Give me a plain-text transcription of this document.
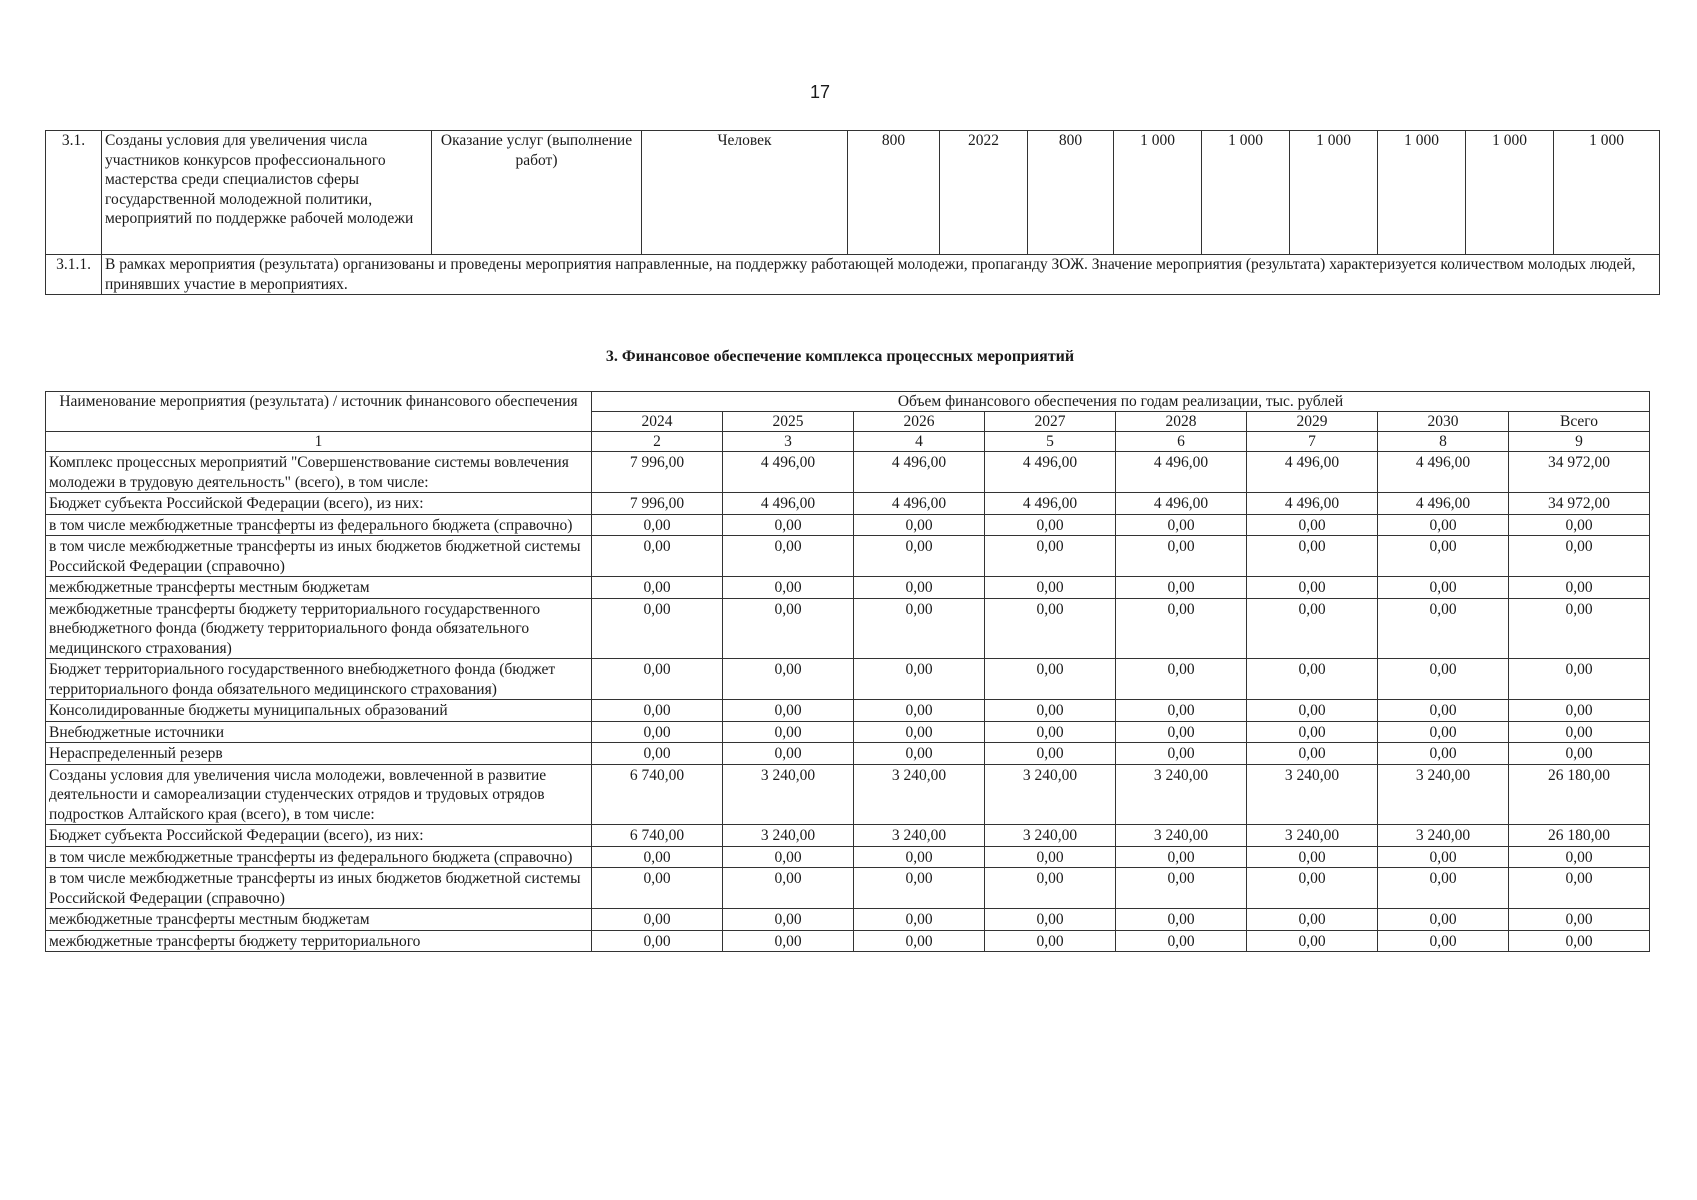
17
3.1.	Созданы условия для увеличения числа участников конкурсов профессионального мастерства среди специалистов сферы государственной молодежной политики, мероприятий по поддержке рабочей молодежи	Оказание услуг (выполнение работ)	Человек	800	2022	800	1 000	1 000	1 000	1 000	1 000	1 000
3.1.1.	В рамках мероприятия (результата) организованы и проведены мероприятия направленные, на поддержку работающей молодежи, пропаганду ЗОЖ. Значение мероприятия (результата) характеризуется количеством молодых людей, принявших участие в мероприятиях.											
3. Финансовое обеспечение комплекса процессных мероприятий
Наименование мероприятия (результата) / источник финансового обеспечения	Объем финансового обеспечения по годам реализации, тыс. рублей							
	2024	2025	2026	2027	2028	2029	2030	Всего
1	2	3	4	5	6	7	8	9
Комплекс процессных мероприятий "Совершенствование системы вовлечения молодежи в трудовую деятельность" (всего), в том числе:	7 996,00	4 496,00	4 496,00	4 496,00	4 496,00	4 496,00	4 496,00	34 972,00
Бюджет субъекта Российской Федерации (всего), из них:	7 996,00	4 496,00	4 496,00	4 496,00	4 496,00	4 496,00	4 496,00	34 972,00
в том числе межбюджетные трансферты из федерального бюджета (справочно)	0,00	0,00	0,00	0,00	0,00	0,00	0,00	0,00
в том числе межбюджетные трансферты из иных бюджетов бюджетной системы Российской Федерации (справочно)	0,00	0,00	0,00	0,00	0,00	0,00	0,00	0,00
межбюджетные трансферты местным бюджетам	0,00	0,00	0,00	0,00	0,00	0,00	0,00	0,00
межбюджетные трансферты бюджету территориального государственного внебюджетного фонда (бюджету территориального фонда обязательного медицинского страхования)	0,00	0,00	0,00	0,00	0,00	0,00	0,00	0,00
Бюджет территориального государственного внебюджетного фонда (бюджет территориального фонда обязательного медицинского страхования)	0,00	0,00	0,00	0,00	0,00	0,00	0,00	0,00
Консолидированные бюджеты муниципальных образований	0,00	0,00	0,00	0,00	0,00	0,00	0,00	0,00
Внебюджетные источники	0,00	0,00	0,00	0,00	0,00	0,00	0,00	0,00
Нераспределенный резерв	0,00	0,00	0,00	0,00	0,00	0,00	0,00	0,00
Созданы условия для увеличения числа молодежи, вовлеченной в развитие деятельности и самореализации студенческих отрядов и трудовых отрядов подростков Алтайского края (всего), в том числе:	6 740,00	3 240,00	3 240,00	3 240,00	3 240,00	3 240,00	3 240,00	26 180,00
Бюджет субъекта Российской Федерации (всего), из них:	6 740,00	3 240,00	3 240,00	3 240,00	3 240,00	3 240,00	3 240,00	26 180,00
в том числе межбюджетные трансферты из федерального бюджета (справочно)	0,00	0,00	0,00	0,00	0,00	0,00	0,00	0,00
в том числе межбюджетные трансферты из иных бюджетов бюджетной системы Российской Федерации (справочно)	0,00	0,00	0,00	0,00	0,00	0,00	0,00	0,00
межбюджетные трансферты местным бюджетам	0,00	0,00	0,00	0,00	0,00	0,00	0,00	0,00
межбюджетные трансферты бюджету территориального	0,00	0,00	0,00	0,00	0,00	0,00	0,00	0,00
